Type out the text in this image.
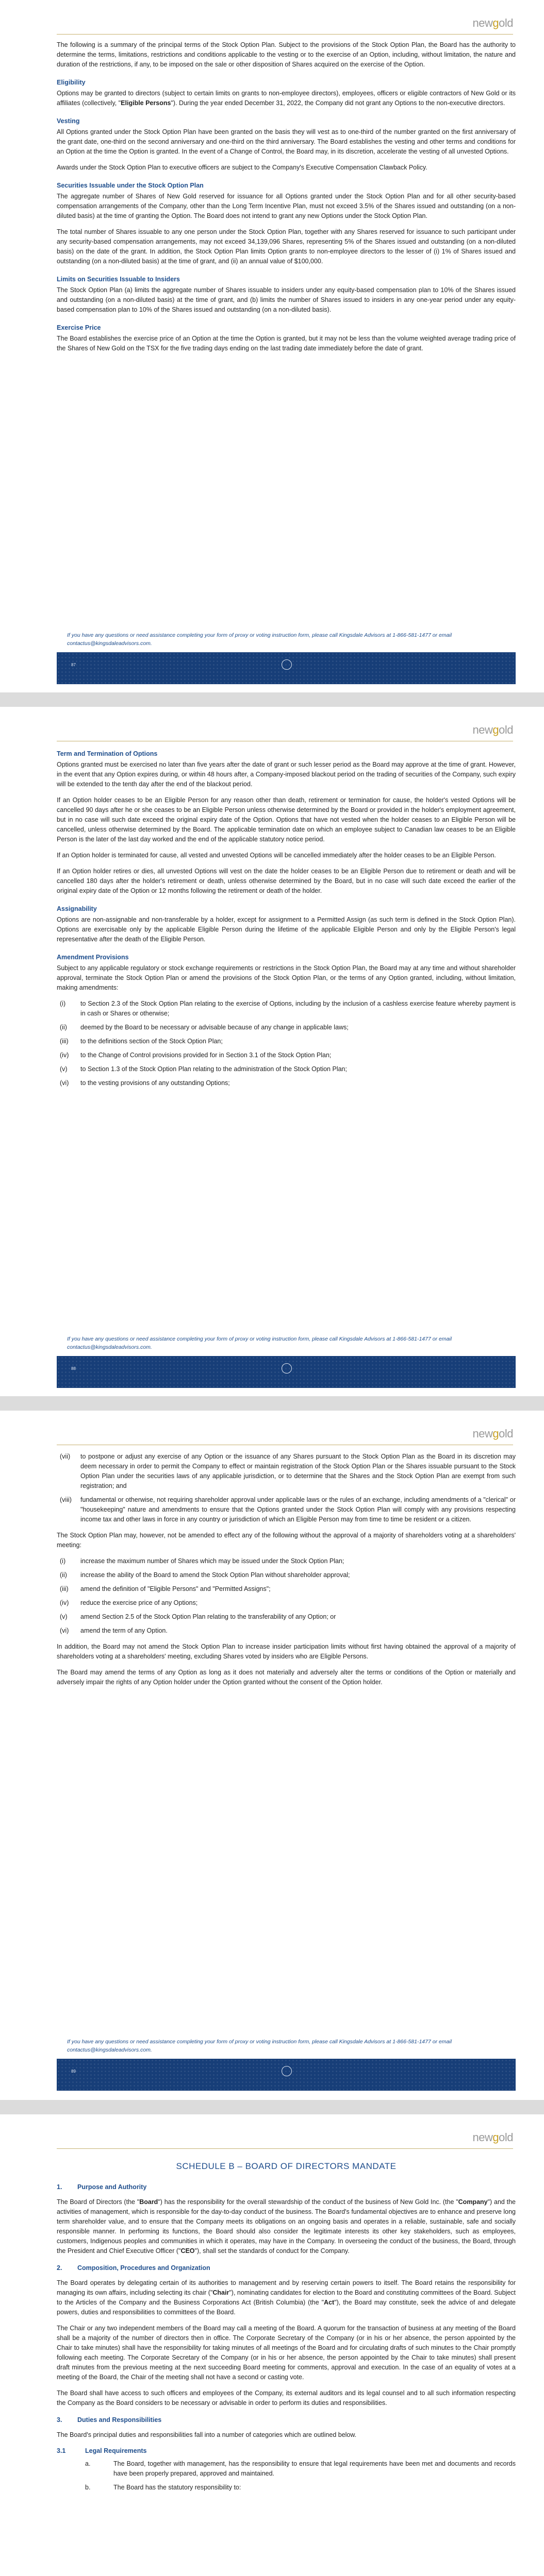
newgold

The following is a summary of the principal terms of the Stock Option Plan. Subject to the provisions of the Stock Option Plan, the Board has the authority to determine the terms, limitations, restrictions and conditions applicable to the vesting or to the exercise of an Option, including, without limitation, the nature and duration of the restrictions, if any, to be imposed on the sale or other disposition of Shares acquired on the exercise of the Option.

Eligibility

Options may be granted to directors (subject to certain limits on grants to non-employee directors), employees, officers or eligible contractors of New Gold or its affiliates (collectively, "Eligible Persons"). During the year ended December 31, 2022, the Company did not grant any Options to the non-executive directors.

Vesting

All Options granted under the Stock Option Plan have been granted on the basis they will vest as to one-third of the number granted on the first anniversary of the grant date, one-third on the second anniversary and one-third on the third anniversary. The Board establishes the vesting and other terms and conditions for an Option at the time the Option is granted. In the event of a Change of Control, the Board may, in its discretion, accelerate the vesting of all unvested Options.

Awards under the Stock Option Plan to executive officers are subject to the Company's Executive Compensation Clawback Policy.

Securities Issuable under the Stock Option Plan

The aggregate number of Shares of New Gold reserved for issuance for all Options granted under the Stock Option Plan and for all other security-based compensation arrangements of the Company, other than the Long Term Incentive Plan, must not exceed 3.5% of the Shares issued and outstanding (on a non-diluted basis) at the time of granting the Option. The Board does not intend to grant any new Options under the Stock Option Plan.

The total number of Shares issuable to any one person under the Stock Option Plan, together with any Shares reserved for issuance to such participant under any security-based compensation arrangements, may not exceed 34,139,096 Shares, representing 5% of the Shares issued and outstanding (on a non-diluted basis) on the date of the grant. In addition, the Stock Option Plan limits Option grants to non-employee directors to the lesser of (i) 1% of Shares issued and outstanding (on a non-diluted basis) at the time of grant, and (ii) an annual value of $100,000.

Limits on Securities Issuable to Insiders

The Stock Option Plan (a) limits the aggregate number of Shares issuable to insiders under any equity-based compensation plan to 10% of the Shares issued and outstanding (on a non-diluted basis) at the time of grant, and (b) limits the number of Shares issued to insiders in any one-year period under any equity-based compensation plan to 10% of the Shares issued and outstanding (on a non-diluted basis).

Exercise Price

The Board establishes the exercise price of an Option at the time the Option is granted, but it may not be less than the volume weighted average trading price of the Shares of New Gold on the TSX for the five trading days ending on the last trading date immediately before the date of grant.

If you have any questions or need assistance completing your form of proxy or voting instruction form, please call Kingsdale Advisors at 1-866-581-1477 or email contactus@kingsdaleadvisors.com.
87
newgold
Term and Termination of Options

Options granted must be exercised no later than five years after the date of grant or such lesser period as the Board may approve at the time of grant. However, in the event that any Option expires during, or within 48 hours after, a Company-imposed blackout period on the trading of securities of the Company, such expiry will be extended to the tenth day after the end of the blackout period.

If an Option holder ceases to be an Eligible Person for any reason other than death, retirement or termination for cause, the holder's vested Options will be cancelled 90 days after he or she ceases to be an Eligible Person unless otherwise determined by the Board or provided in the holder's employment agreement, but in no case will such date exceed the original expiry date of the Option. Options that have not vested when the holder ceases to an Eligible Person will be cancelled, unless otherwise determined by the Board. The applicable termination date on which an employee subject to Canadian law ceases to be an Eligible Person is the later of the last day worked and the end of the applicable statutory notice period.

If an Option holder is terminated for cause, all vested and unvested Options will be cancelled immediately after the holder ceases to be an Eligible Person.

If an Option holder retires or dies, all unvested Options will vest on the date the holder ceases to be an Eligible Person due to retirement or death and will be cancelled 180 days after the holder's retirement or death, unless otherwise determined by the Board, but in no case will such date exceed the earlier of the original expiry date of the Option or 12 months following the retirement or death of the holder.

Assignability

Options are non-assignable and non-transferable by a holder, except for assignment to a Permitted Assign (as such term is defined in the Stock Option Plan). Options are exercisable only by the applicable Eligible Person during the lifetime of the applicable Eligible Person and only by the Eligible Person's legal representative after the death of the Eligible Person.

Amendment Provisions

Subject to any applicable regulatory or stock exchange requirements or restrictions in the Stock Option Plan, the Board may at any time and without shareholder approval, terminate the Stock Option Plan or amend the provisions of the Stock Option Plan, or the terms of any Option granted, including, without limitation, making amendments:

(i)	to Section 2.3 of the Stock Option Plan relating to the exercise of Options, including by the inclusion of a cashless exercise feature whereby payment is in cash or Shares or otherwise;
(ii)	deemed by the Board to be necessary or advisable because of any change in applicable laws;
(iii)	to the definitions section of the Stock Option Plan;
(iv)	to the Change of Control provisions provided for in Section 3.1 of the Stock Option Plan;
(v)	to Section 1.3 of the Stock Option Plan relating to the administration of the Stock Option Plan;
(vi)	to the vesting provisions of any outstanding Options;
If you have any questions or need assistance completing your form of proxy or voting instruction form, please call Kingsdale Advisors at 1-866-581-1477 or email contactus@kingsdaleadvisors.com.
88
newgold
(vii)	to postpone or adjust any exercise of any Option or the issuance of any Shares pursuant to the Stock Option Plan as the Board in its discretion may deem necessary in order to permit the Company to effect or maintain registration of the Stock Option Plan or the Shares issuable pursuant to the Stock Option Plan under the securities laws of any applicable jurisdiction, or to determine that the Shares and the Stock Option Plan are exempt from such registration; and
(viii)	fundamental or otherwise, not requiring shareholder approval under applicable laws or the rules of an exchange, including amendments of a "clerical" or "housekeeping" nature and amendments to ensure that the Options granted under the Stock Option Plan will comply with any provisions respecting income tax and other laws in force in any country or jurisdiction of which an Eligible Person may from time to time be resident or a citizen.

The Stock Option Plan may, however, not be amended to effect any of the following without the approval of a majority of shareholders voting at a shareholders' meeting:

(i)	increase the maximum number of Shares which may be issued under the Stock Option Plan;
(ii)	increase the ability of the Board to amend the Stock Option Plan without shareholder approval;
(iii)	amend the definition of "Eligible Persons" and "Permitted Assigns";
(iv)	reduce the exercise price of any Options;
(v)	amend Section 2.5 of the Stock Option Plan relating to the transferability of any Option; or
(vi)	amend the term of any Option.

In addition, the Board may not amend the Stock Option Plan to increase insider participation limits without first having obtained the approval of a majority of shareholders voting at a shareholders' meeting, excluding Shares voted by insiders who are Eligible Persons.

The Board may amend the terms of any Option as long as it does not materially and adversely alter the terms or conditions of the Option or materially and adversely impair the rights of any Option holder under the Option granted without the consent of the Option holder.

If you have any questions or need assistance completing your form of proxy or voting instruction form, please call Kingsdale Advisors at 1-866-581-1477 or email contactus@kingsdaleadvisors.com.
89
newgold
SCHEDULE B – BOARD OF DIRECTORS MANDATE
1.	Purpose and Authority

The Board of Directors (the "Board") has the responsibility for the overall stewardship of the conduct of the business of New Gold Inc. (the "Company") and the activities of management, which is responsible for the day-to-day conduct of the business. The Board's fundamental objectives are to enhance and preserve long term shareholder value, and to ensure that the Company meets its obligations on an ongoing basis and operates in a reliable, sustainable, safe and socially responsible manner. In performing its functions, the Board should also consider the legitimate interests its other key stakeholders, such as employees, customers, Indigenous peoples and communities in which it operates, may have in the Company. In overseeing the conduct of the business, the Board, through the President and Chief Executive Officer ("CEO"), shall set the standards of conduct for the Company.

2.	Composition, Procedures and Organization

The Board operates by delegating certain of its authorities to management and by reserving certain powers to itself. The Board retains the responsibility for managing its own affairs, including selecting its chair ("Chair"), nominating candidates for election to the Board and constituting committees of the Board. Subject to the Articles of the Company and the Business Corporations Act (British Columbia) (the "Act"), the Board may constitute, seek the advice of and delegate powers, duties and responsibilities to committees of the Board.

The Chair or any two independent members of the Board may call a meeting of the Board. A quorum for the transaction of business at any meeting of the Board shall be a majority of the number of directors then in office. The Corporate Secretary of the Company (or in his or her absence, the person appointed by the Chair to take minutes) shall have the responsibility for taking minutes of all meetings of the Board and for circulating drafts of such minutes to the Chair promptly following each meeting. The Corporate Secretary of the Company (or in his or her absence, the person appointed by the Chair to take minutes) shall present draft minutes from the previous meeting at the next succeeding Board meeting for comments, approval and execution. In the case of an equality of votes at a meeting of the Board, the Chair of the meeting shall not have a second or casting vote.

The Board shall have access to such officers and employees of the Company, its external auditors and its legal counsel and to all such information respecting the Company as the Board considers to be necessary or advisable in order to perform its duties and responsibilities.

3.	Duties and Responsibilities

The Board's principal duties and responsibilities fall into a number of categories which are outlined below.

3.1	Legal Requirements
a.	The Board, together with management, has the responsibility to ensure that legal requirements have been met and documents and records have been properly prepared, approved and maintained.
b.	The Board has the statutory responsibility to:
